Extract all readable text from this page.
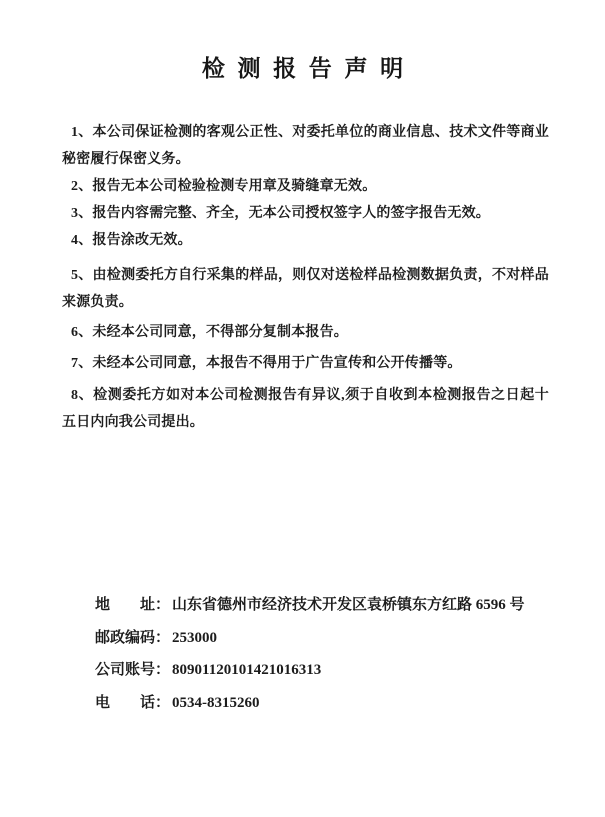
检测报告声明

1、本公司保证检测的客观公正性、对委托单位的商业信息、技术文件等商业秘密履行保密义务。

2、报告无本公司检验检测专用章及骑缝章无效。

3、报告内容需完整、齐全，无本公司授权签字人的签字报告无效。

4、报告涂改无效。

5、由检测委托方自行采集的样品，则仅对送检样品检测数据负责，不对样品来源负责。

6、未经本公司同意，不得部分复制本报告。

7、未经本公司同意，本报告不得用于广告宣传和公开传播等。

8、检测委托方如对本公司检测报告有异议,须于自收到本检测报告之日起十五日内向我公司提出。

地　　址： 山东省德州市经济技术开发区袁桥镇东方红路 6596 号
邮政编码： 253000
公司账号： 80901120101421016313
电　　话： 0534-8315260
